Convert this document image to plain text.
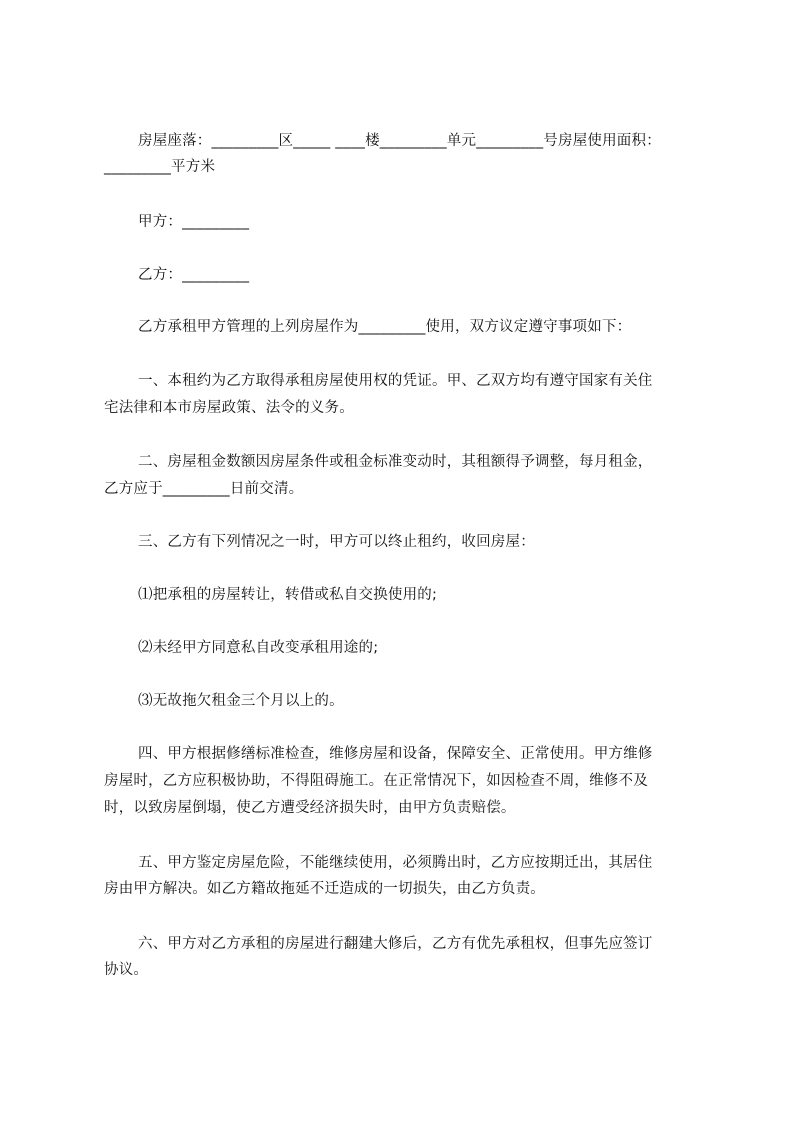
房屋座落：_________区_____ ____楼_________单元_________号房屋使用面积：
_________平方米
甲方：_________
乙方：_________
乙方承租甲方管理的上列房屋作为_________使用，双方议定遵守事项如下：
一、本租约为乙方取得承租房屋使用权的凭证。甲、乙双方均有遵守国家有关住
宅法律和本市房屋政策、法令的义务。
二、房屋租金数额因房屋条件或租金标准变动时，其租额得予调整，每月租金，
乙方应于_________日前交清。
三、乙方有下列情况之一时，甲方可以终止租约，收回房屋：
⑴把承租的房屋转让，转借或私自交换使用的;
⑵未经甲方同意私自改变承租用途的;
⑶无故拖欠租金三个月以上的。
四、甲方根据修缮标准检查，维修房屋和设备，保障安全、正常使用。甲方维修
房屋时，乙方应积极协助，不得阻碍施工。在正常情况下，如因检查不周，维修不及
时，以致房屋倒塌，使乙方遭受经济损失时，由甲方负责赔偿。
五、甲方鉴定房屋危险，不能继续使用，必须腾出时，乙方应按期迁出，其居住
房由甲方解决。如乙方籍故拖延不迁造成的一切损失，由乙方负责。
六、甲方对乙方承租的房屋进行翻建大修后，乙方有优先承租权，但事先应签订
协议。
